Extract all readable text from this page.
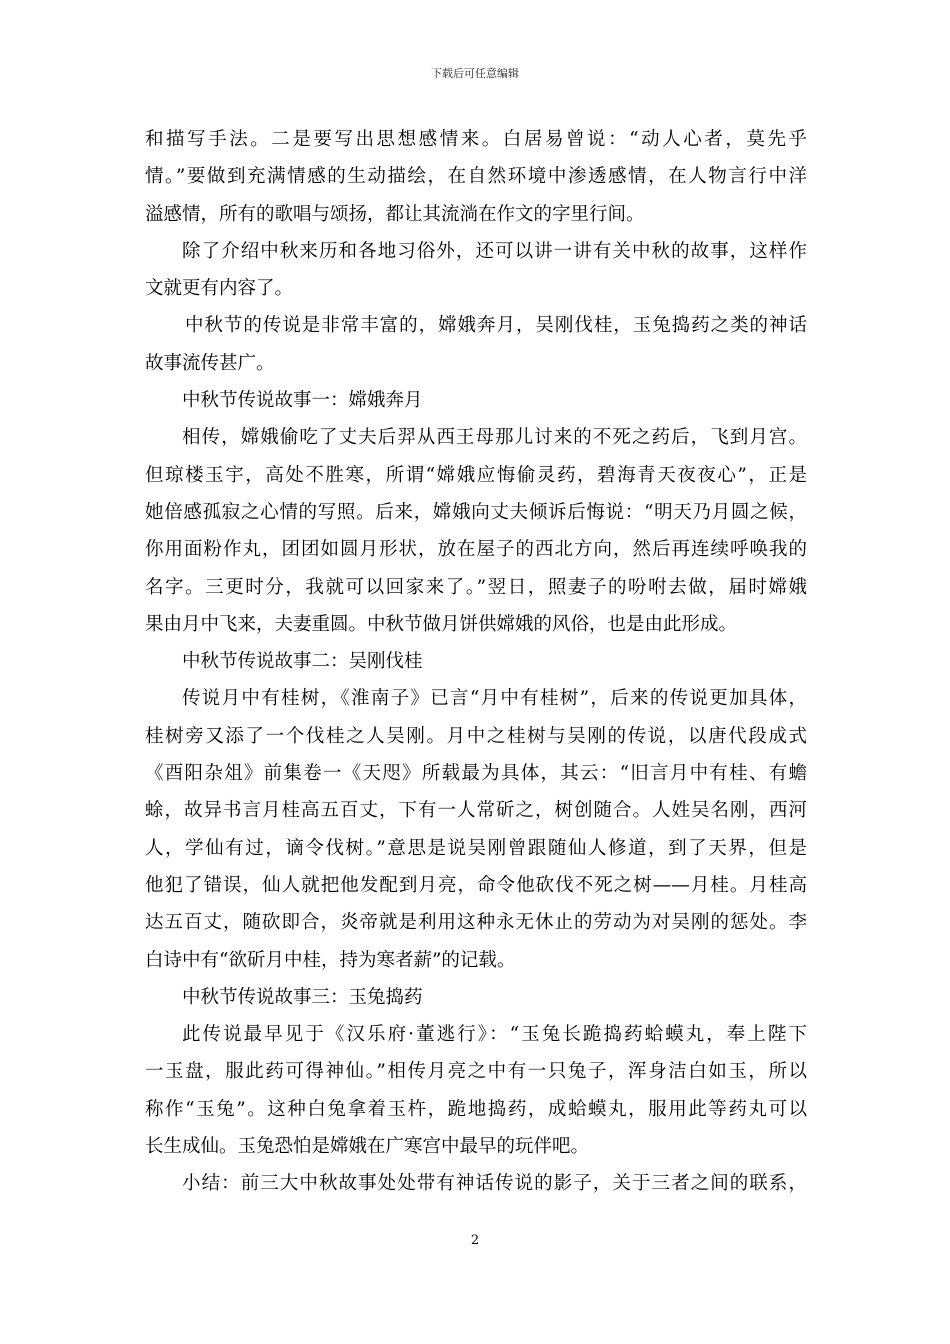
下载后可任意编辑
和描写手法。二是要写出思想感情来。白居易曾说：“动人心者，莫先乎
情。”要做到充满情感的生动描绘，在自然环境中渗透感情，在人物言行中洋
溢感情，所有的歌唱与颂扬，都让其流淌在作文的字里行间。
除了介绍中秋来历和各地习俗外，还可以讲一讲有关中秋的故事，这样作
文就更有内容了。
中秋节的传说是非常丰富的，嫦娥奔月，吴刚伐桂，玉兔捣药之类的神话
故事流传甚广。
中秋节传说故事一：嫦娥奔月
相传，嫦娥偷吃了丈夫后羿从西王母那儿讨来的不死之药后，飞到月宫。
但琼楼玉宇，高处不胜寒，所谓“嫦娥应悔偷灵药，碧海青天夜夜心”，正是
她倍感孤寂之心情的写照。后来，嫦娥向丈夫倾诉后悔说：“明天乃月圆之候，
你用面粉作丸，团团如圆月形状，放在屋子的西北方向，然后再连续呼唤我的
名字。三更时分，我就可以回家来了。”翌日，照妻子的吩咐去做，届时嫦娥
果由月中飞来，夫妻重圆。中秋节做月饼供嫦娥的风俗，也是由此形成。
中秋节传说故事二：吴刚伐桂
传说月中有桂树，《淮南子》已言“月中有桂树”，后来的传说更加具体，
桂树旁又添了一个伐桂之人吴刚。月中之桂树与吴刚的传说，以唐代段成式
《酉阳杂俎》前集卷一《天咫》所载最为具体，其云：“旧言月中有桂、有蟾
蜍，故异书言月桂高五百丈，下有一人常斫之，树创随合。人姓吴名刚，西河
人，学仙有过，谪令伐树。”意思是说吴刚曾跟随仙人修道，到了天界，但是
他犯了错误，仙人就把他发配到月亮，命令他砍伐不死之树——月桂。月桂高
达五百丈，随砍即合，炎帝就是利用这种永无休止的劳动为对吴刚的惩处。李
白诗中有“欲斫月中桂，持为寒者薪”的记载。
中秋节传说故事三：玉兔捣药
此传说最早见于《汉乐府·董逃行》：“玉兔长跪捣药蛤蟆丸，奉上陛下
一玉盘，服此药可得神仙。”相传月亮之中有一只兔子，浑身洁白如玉，所以
称作“玉兔”。这种白兔拿着玉杵，跪地捣药，成蛤蟆丸，服用此等药丸可以
长生成仙。玉兔恐怕是嫦娥在广寒宫中最早的玩伴吧。
小结：前三大中秋故事处处带有神话传说的影子，关于三者之间的联系，
2
